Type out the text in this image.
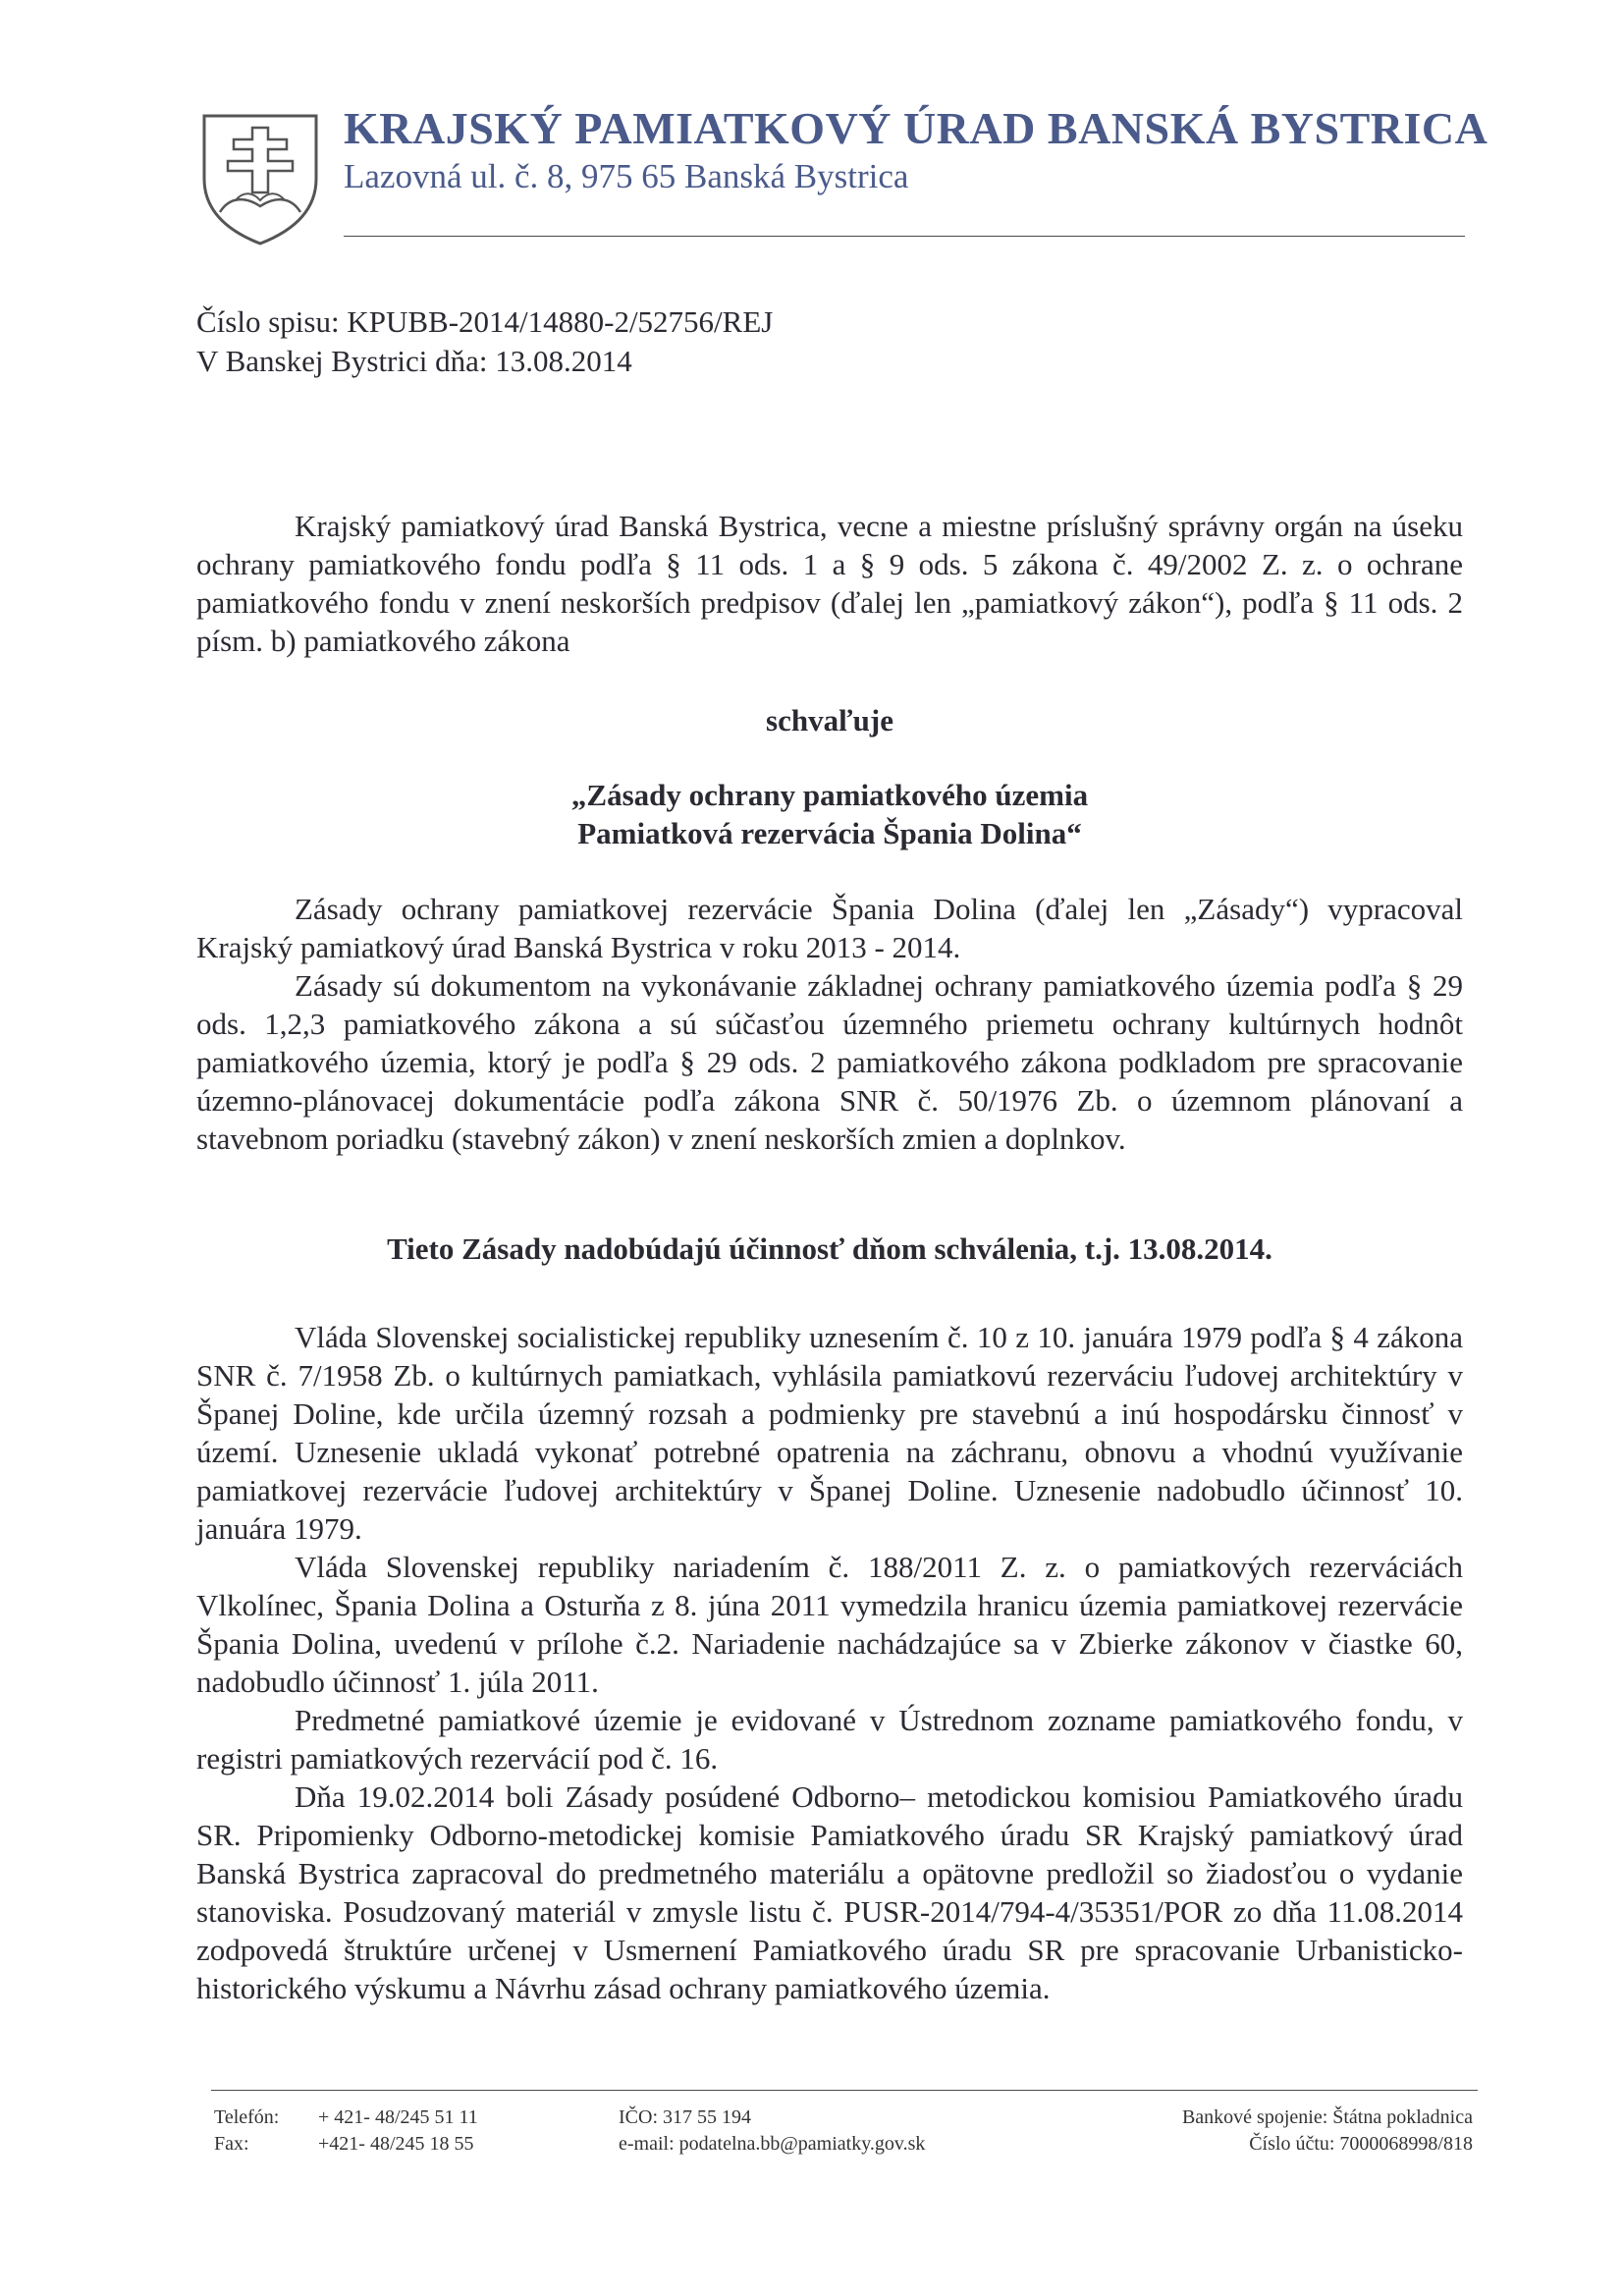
KRAJSKÝ PAMIATKOVÝ ÚRAD BANSKÁ BYSTRICA
Lazovná ul. č. 8, 975 65 Banská Bystrica
Číslo spisu: KPUBB-2014/14880-2/52756/REJ
V Banskej Bystrici dňa: 13.08.2014

Krajský pamiatkový úrad Banská Bystrica, vecne a miestne príslušný správny orgán na úseku ochrany pamiatkového fondu podľa § 11 ods. 1 a § 9 ods. 5 zákona č. 49/2002 Z. z. o ochrane pamiatkového fondu v znení neskorších predpisov (ďalej len „pamiatkový zákon“), podľa § 11 ods. 2 písm. b) pamiatkového zákona

schvaľuje
„Zásady ochrany pamiatkového územia
Pamiatková rezervácia Špania Dolina“

Zásady ochrany pamiatkovej rezervácie Špania Dolina (ďalej len „Zásady“) vypracoval Krajský pamiatkový úrad Banská Bystrica v roku 2013 - 2014.

Zásady sú dokumentom na vykonávanie základnej ochrany pamiatkového územia podľa § 29 ods. 1,2,3 pamiatkového zákona a sú súčasťou územného priemetu ochrany kultúrnych hodnôt pamiatkového územia, ktorý je podľa § 29 ods. 2 pamiatkového zákona podkladom pre spracovanie územno-plánovacej dokumentácie podľa zákona SNR č. 50/1976 Zb. o územnom plánovaní a stavebnom poriadku (stavebný zákon) v znení neskorších zmien a doplnkov.

Tieto Zásady nadobúdajú účinnosť dňom schválenia, t.j. 13.08.2014.

Vláda Slovenskej socialistickej republiky uznesením č. 10 z 10. januára 1979 podľa § 4 zákona SNR č. 7/1958 Zb. o kultúrnych pamiatkach, vyhlásila pamiatkovú rezerváciu ľudovej architektúry v Španej Doline, kde určila územný rozsah a podmienky pre stavebnú a inú hospodársku činnosť v území. Uznesenie ukladá vykonať potrebné opatrenia na záchranu, obnovu a vhodnú využívanie pamiatkovej rezervácie ľudovej architektúry v Španej Doline. Uznesenie nadobudlo účinnosť 10. januára 1979.

Vláda Slovenskej republiky nariadením č. 188/2011 Z. z. o pamiatkových rezerváciách Vlkolínec, Špania Dolina a Osturňa z 8. júna 2011 vymedzila hranicu územia pamiatkovej rezervácie Špania Dolina, uvedenú v prílohe č.2. Nariadenie nachádzajúce sa v Zbierke zákonov v čiastke 60, nadobudlo účinnosť 1. júla 2011.

Predmetné pamiatkové územie je evidované v Ústrednom zozname pamiatkového fondu, v registri pamiatkových rezervácií pod č. 16.

Dňa 19.02.2014 boli Zásady posúdené Odborno– metodickou komisiou Pamiatkového úradu SR. Pripomienky Odborno-metodickej komisie Pamiatkového úradu SR Krajský pamiatkový úrad Banská Bystrica zapracoval do predmetného materiálu a opätovne predložil so žiadosťou o vydanie stanoviska. Posudzovaný materiál v zmysle listu č. PUSR-2014/794-4/35351/POR zo dňa 11.08.2014 zodpovedá štruktúre určenej v Usmernení Pamiatkového úradu SR pre spracovanie Urbanisticko-historického výskumu a Návrhu zásad ochrany pamiatkového územia.

Telefón: + 421- 48/245 51 11
Fax:	+421- 48/245 18 55
IČO: 317 55 194
e-mail: podatelna.bb@pamiatky.gov.sk
Bankové spojenie: Štátna pokladnica
Číslo účtu: 7000068998/818
